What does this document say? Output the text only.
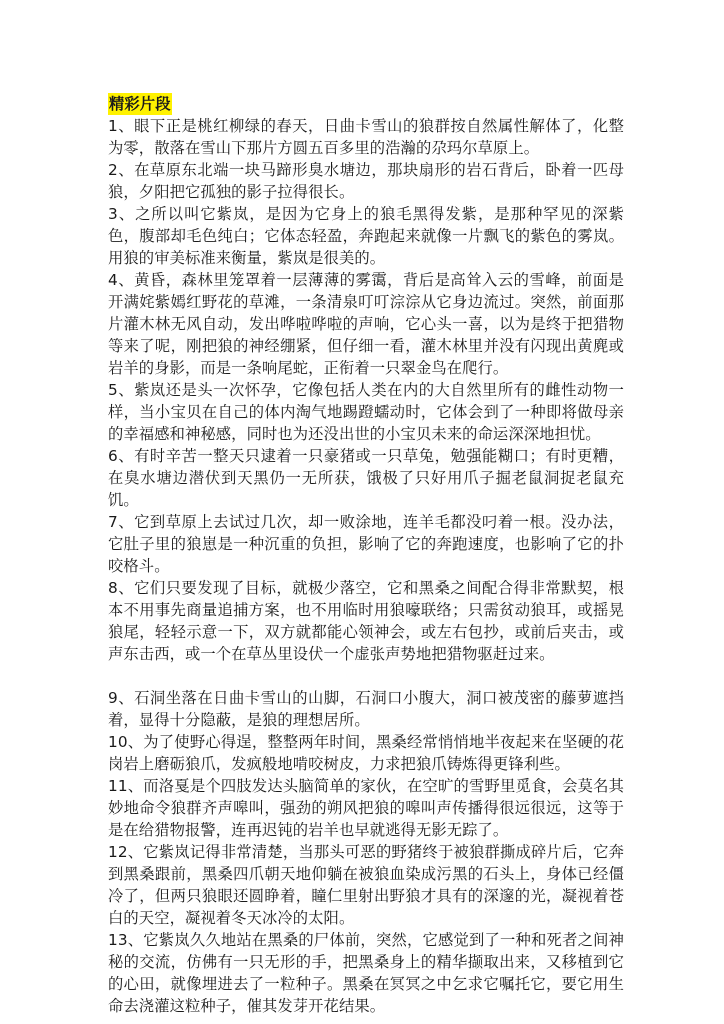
精彩片段

1、眼下正是桃红柳绿的春天，日曲卡雪山的狼群按自然属性解体了，化整为零，散落在雪山下那片方圆五百多里的浩瀚的尕玛尔草原上。

2、在草原东北端一块马蹄形臭水塘边，那块扇形的岩石背后，卧着一匹母狼，夕阳把它孤独的影子拉得很长。

3、之所以叫它紫岚，是因为它身上的狼毛黑得发紫，是那种罕见的深紫色，腹部却毛色纯白；它体态轻盈，奔跑起来就像一片飘飞的紫色的雾岚。用狼的审美标准来衡量，紫岚是很美的。

4、黄昏，森林里笼罩着一层薄薄的雾霭，背后是高耸入云的雪峰，前面是开满姹紫嫣红野花的草滩，一条清泉叮叮淙淙从它身边流过。突然，前面那片灌木林无风自动，发出哗啦哗啦的声响，它心头一喜，以为是终于把猎物等来了呢，刚把狼的神经绷紧，但仔细一看，灌木林里并没有闪现出黄麂或岩羊的身影，而是一条响尾蛇，正衔着一只翠金鸟在爬行。

5、紫岚还是头一次怀孕，它像包括人类在内的大自然里所有的雌性动物一样，当小宝贝在自己的体内淘气地踢蹬蠕动时，它体会到了一种即将做母亲的幸福感和神秘感，同时也为还没出世的小宝贝未来的命运深深地担忧。

6、有时辛苦一整天只逮着一只豪猪或一只草兔，勉强能糊口；有时更糟，在臭水塘边潜伏到天黑仍一无所获，饿极了只好用爪子掘老鼠洞捉老鼠充饥。

7、它到草原上去试过几次，却一败涂地，连羊毛都没叼着一根。没办法，它肚子里的狼崽是一种沉重的负担，影响了它的奔跑速度，也影响了它的扑咬格斗。

8、它们只要发现了目标，就极少落空，它和黑桑之间配合得非常默契，根本不用事先商量追捕方案，也不用临时用狼嚎联络；只需贫动狼耳，或摇晃狼尾，轻轻示意一下，双方就都能心领神会，或左右包抄，或前后夹击，或声东击西，或一个在草丛里设伏一个虚张声势地把猎物驱赶过来。

9、石洞坐落在日曲卡雪山的山脚，石洞口小腹大，洞口被茂密的藤萝遮挡着，显得十分隐蔽，是狼的理想居所。

10、为了使野心得逞，整整两年时间，黑桑经常悄悄地半夜起来在坚硬的花岗岩上磨砺狼爪，发疯般地啃咬树皮，力求把狼爪铸炼得更锋利些。

11、而洛戛是个四肢发达头脑简单的家伙，在空旷的雪野里觅食，会莫名其妙地命令狼群齐声嗥叫，强劲的朔风把狼的嗥叫声传播得很远很远，这等于是在给猎物报警，连再迟钝的岩羊也早就逃得无影无踪了。

12、它紫岚记得非常清楚，当那头可恶的野猪终于被狼群撕成碎片后，它奔到黑桑跟前，黑桑四爪朝天地仰躺在被狼血染成污黑的石头上，身体已经僵冷了，但两只狼眼还圆睁着，瞳仁里射出野狼才具有的深邃的光，凝视着苍白的天空，凝视着冬天冰冷的太阳。

13、它紫岚久久地站在黑桑的尸体前，突然，它感觉到了一种和死者之间神秘的交流，仿佛有一只无形的手，把黑桑身上的精华撷取出来，又移植到它的心田，就像埋进去了一粒种子。黑桑在冥冥之中乞求它嘱托它，要它用生命去浇灌这粒种子，催其发芽开花结果。
